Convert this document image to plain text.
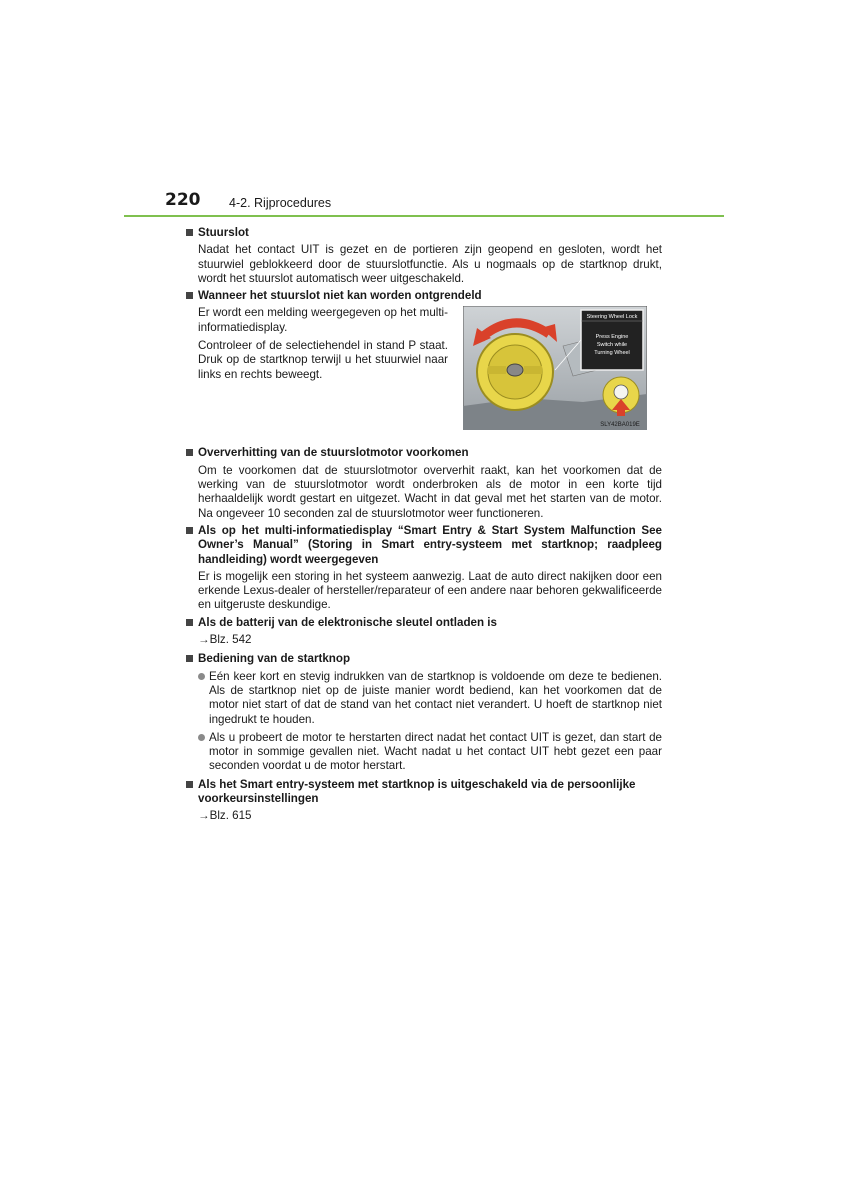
220 4-2. Rijprocedures
Stuurslot
Nadat het contact UIT is gezet en de portieren zijn geopend en gesloten, wordt het stuurwiel geblokkeerd door de stuurslotfunctie. Als u nogmaals op de startknop drukt, wordt het stuurslot automatisch weer uitgeschakeld.
Wanneer het stuurslot niet kan worden ontgrendeld
Er wordt een melding weergegeven op het multi-informatiedisplay.
Controleer of de selectiehendel in stand P staat. Druk op de startknop terwijl u het stuurwiel naar links en rechts beweegt.
Steering Wheel Lock
Press Engine
Switch while
Turning Wheel
SLY42BA019E
Oververhitting van de stuurslotmotor voorkomen
Om te voorkomen dat de stuurslotmotor oververhit raakt, kan het voorkomen dat de werking van de stuurslotmotor wordt onderbroken als de motor in een korte tijd herhaaldelijk wordt gestart en uitgezet. Wacht in dat geval met het starten van de motor. Na ongeveer 10 seconden zal de stuurslotmotor weer functioneren.
Als op het multi-informatiedisplay “Smart Entry & Start System Malfunction See Owner’s Manual” (Storing in Smart entry-systeem met startknop; raadpleeg handleiding) wordt weergegeven
Er is mogelijk een storing in het systeem aanwezig. Laat de auto direct nakijken door een erkende Lexus-dealer of hersteller/reparateur of een andere naar behoren gekwalificeerde en uitgeruste deskundige.
Als de batterij van de elektronische sleutel ontladen is
→Blz. 542
Bediening van de startknop
Eén keer kort en stevig indrukken van de startknop is voldoende om deze te bedienen. Als de startknop niet op de juiste manier wordt bediend, kan het voorkomen dat de motor niet start of dat de stand van het contact niet verandert. U hoeft de startknop niet ingedrukt te houden.
Als u probeert de motor te herstarten direct nadat het contact UIT is gezet, dan start de motor in sommige gevallen niet. Wacht nadat u het contact UIT hebt gezet een paar seconden voordat u de motor herstart.
Als het Smart entry-systeem met startknop is uitgeschakeld via de persoonlijke voorkeursinstellingen
→Blz. 615
